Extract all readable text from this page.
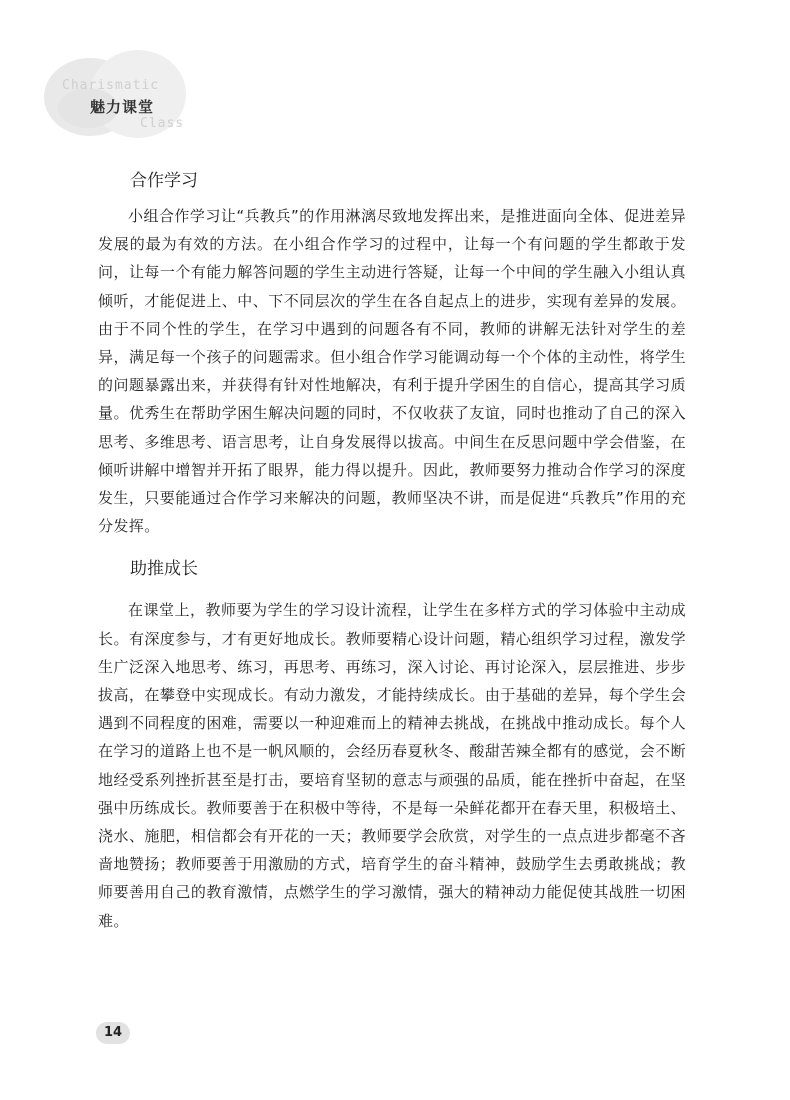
Charismatic
魅力课堂
Class
合作学习

小组合作学习让“兵教兵”的作用淋漓尽致地发挥出来，是推进面向全体、促进差异发展的最为有效的方法。在小组合作学习的过程中，让每一个有问题的学生都敢于发问，让每一个有能力解答问题的学生主动进行答疑，让每一个中间的学生融入小组认真倾听，才能促进上、中、下不同层次的学生在各自起点上的进步，实现有差异的发展。由于不同个性的学生，在学习中遇到的问题各有不同，教师的讲解无法针对学生的差异，满足每一个孩子的问题需求。但小组合作学习能调动每一个个体的主动性，将学生的问题暴露出来，并获得有针对性地解决，有利于提升学困生的自信心，提高其学习质量。优秀生在帮助学困生解决问题的同时，不仅收获了友谊，同时也推动了自己的深入思考、多维思考、语言思考，让自身发展得以拔高。中间生在反思问题中学会借鉴，在倾听讲解中增智并开拓了眼界，能力得以提升。因此，教师要努力推动合作学习的深度发生，只要能通过合作学习来解决的问题，教师坚决不讲，而是促进“兵教兵”作用的充分发挥。

助推成长

在课堂上，教师要为学生的学习设计流程，让学生在多样方式的学习体验中主动成长。有深度参与，才有更好地成长。教师要精心设计问题，精心组织学习过程，激发学生广泛深入地思考、练习，再思考、再练习，深入讨论、再讨论深入，层层推进、步步拔高，在攀登中实现成长。有动力激发，才能持续成长。由于基础的差异，每个学生会遇到不同程度的困难，需要以一种迎难而上的精神去挑战，在挑战中推动成长。每个人在学习的道路上也不是一帆风顺的，会经历春夏秋冬、酸甜苦辣全都有的感觉，会不断地经受系列挫折甚至是打击，要培育坚韧的意志与顽强的品质，能在挫折中奋起，在坚强中历练成长。教师要善于在积极中等待，不是每一朵鲜花都开在春天里，积极培土、浇水、施肥，相信都会有开花的一天；教师要学会欣赏，对学生的一点点进步都毫不吝啬地赞扬；教师要善于用激励的方式，培育学生的奋斗精神，鼓励学生去勇敢挑战；教师要善用自己的教育激情，点燃学生的学习激情，强大的精神动力能促使其战胜一切困难。

14
